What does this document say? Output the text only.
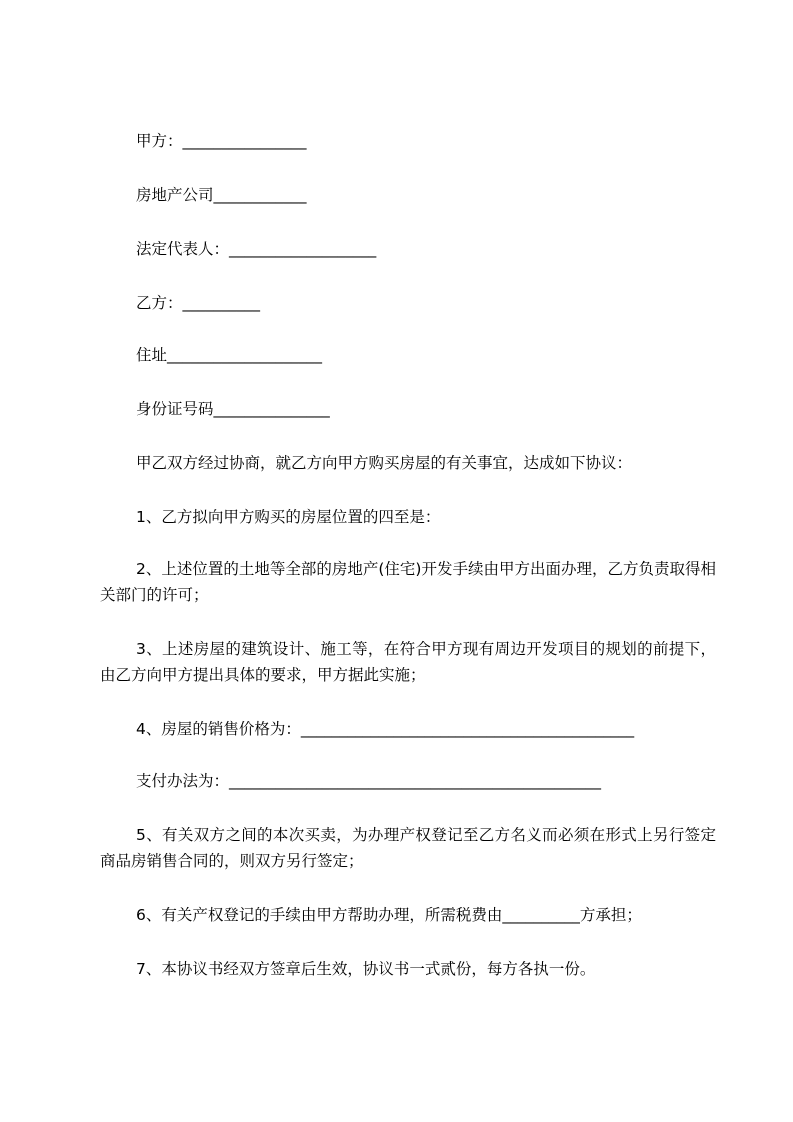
甲方：________________
房地产公司____________
法定代表人：___________________
乙方：__________
住址____________________
身份证号码_______________
甲乙双方经过协商，就乙方向甲方购买房屋的有关事宜，达成如下协议：
1、乙方拟向甲方购买的房屋位置的四至是：
2、上述位置的土地等全部的房地产(住宅)开发手续由甲方出面办理，乙方负责取得相关部门的许可；
3、上述房屋的建筑设计、施工等，在符合甲方现有周边开发项目的规划的前提下，由乙方向甲方提出具体的要求，甲方据此实施；
4、房屋的销售价格为：___________________________________________
支付办法为：________________________________________________
5、有关双方之间的本次买卖，为办理产权登记至乙方名义而必须在形式上另行签定商品房销售合同的，则双方另行签定；
6、有关产权登记的手续由甲方帮助办理，所需税费由__________方承担；
7、本协议书经双方签章后生效，协议书一式贰份，每方各执一份。
